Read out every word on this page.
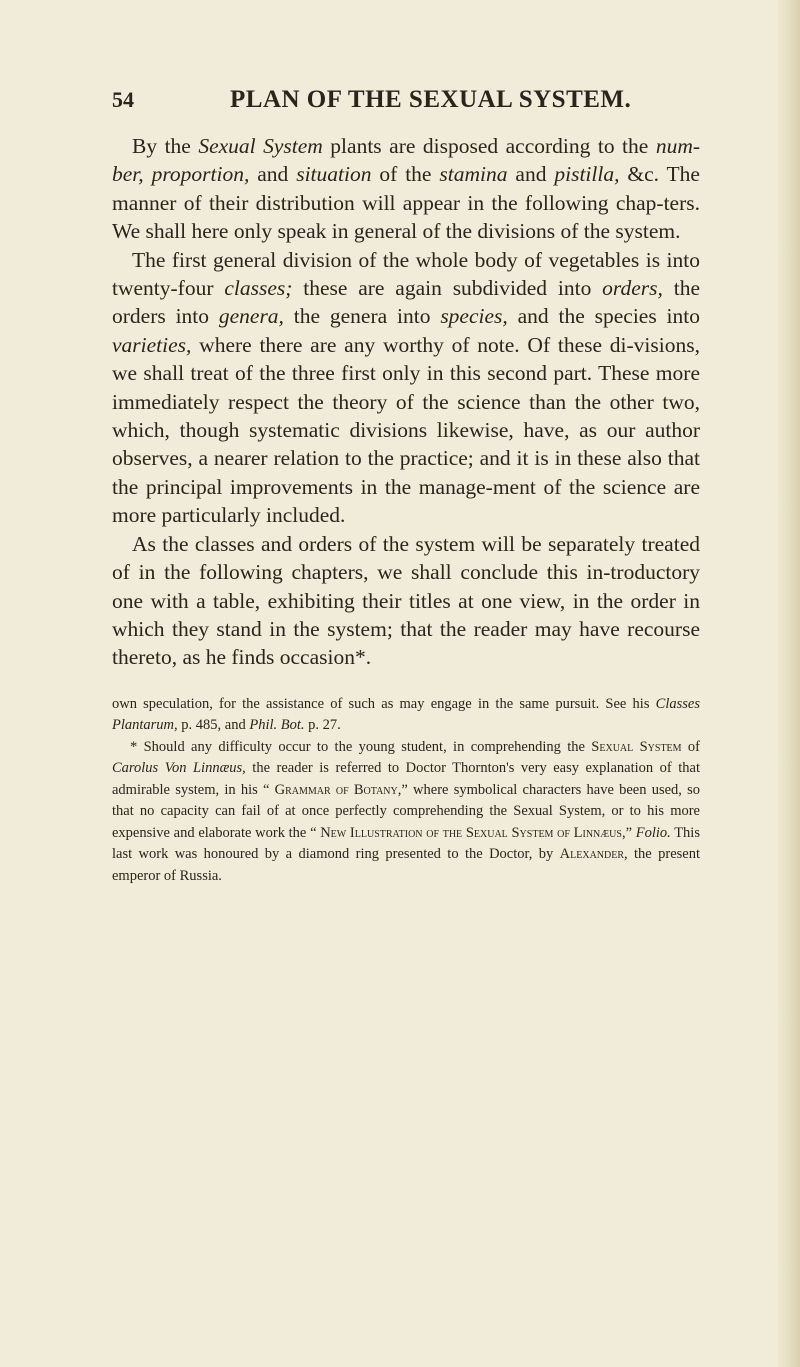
54	PLAN OF THE SEXUAL SYSTEM.

By the Sexual System plants are disposed according to the num-ber, proportion, and situation of the stamina and pistilla, &c. The manner of their distribution will appear in the following chap-ters. We shall here only speak in general of the divisions of the system.

The first general division of the whole body of vegetables is into twenty-four classes; these are again subdivided into orders, the orders into genera, the genera into species, and the species into varieties, where there are any worthy of note. Of these di-visions, we shall treat of the three first only in this second part. These more immediately respect the theory of the science than the other two, which, though systematic divisions likewise, have, as our author observes, a nearer relation to the practice; and it is in these also that the principal improvements in the manage-ment of the science are more particularly included.

As the classes and orders of the system will be separately treated of in the following chapters, we shall conclude this in-troductory one with a table, exhibiting their titles at one view, in the order in which they stand in the system; that the reader may have recourse thereto, as he finds occasion*.

own speculation, for the assistance of such as may engage in the same pursuit. See his Classes Plantarum, p. 485, and Phil. Bot. p. 27.

* Should any difficulty occur to the young student, in comprehending the Sexual System of Carolus Von Linnæus, the reader is referred to Doctor Thornton's very easy explanation of that admirable system, in his “ Grammar of Botany,” where symbolical characters have been used, so that no capacity can fail of at once perfectly comprehending the Sexual System, or to his more expensive and elaborate work the “ New Illustration of the Sexual System of Linnæus,” Folio. This last work was honoured by a diamond ring presented to the Doctor, by Alexander, the present emperor of Russia.
